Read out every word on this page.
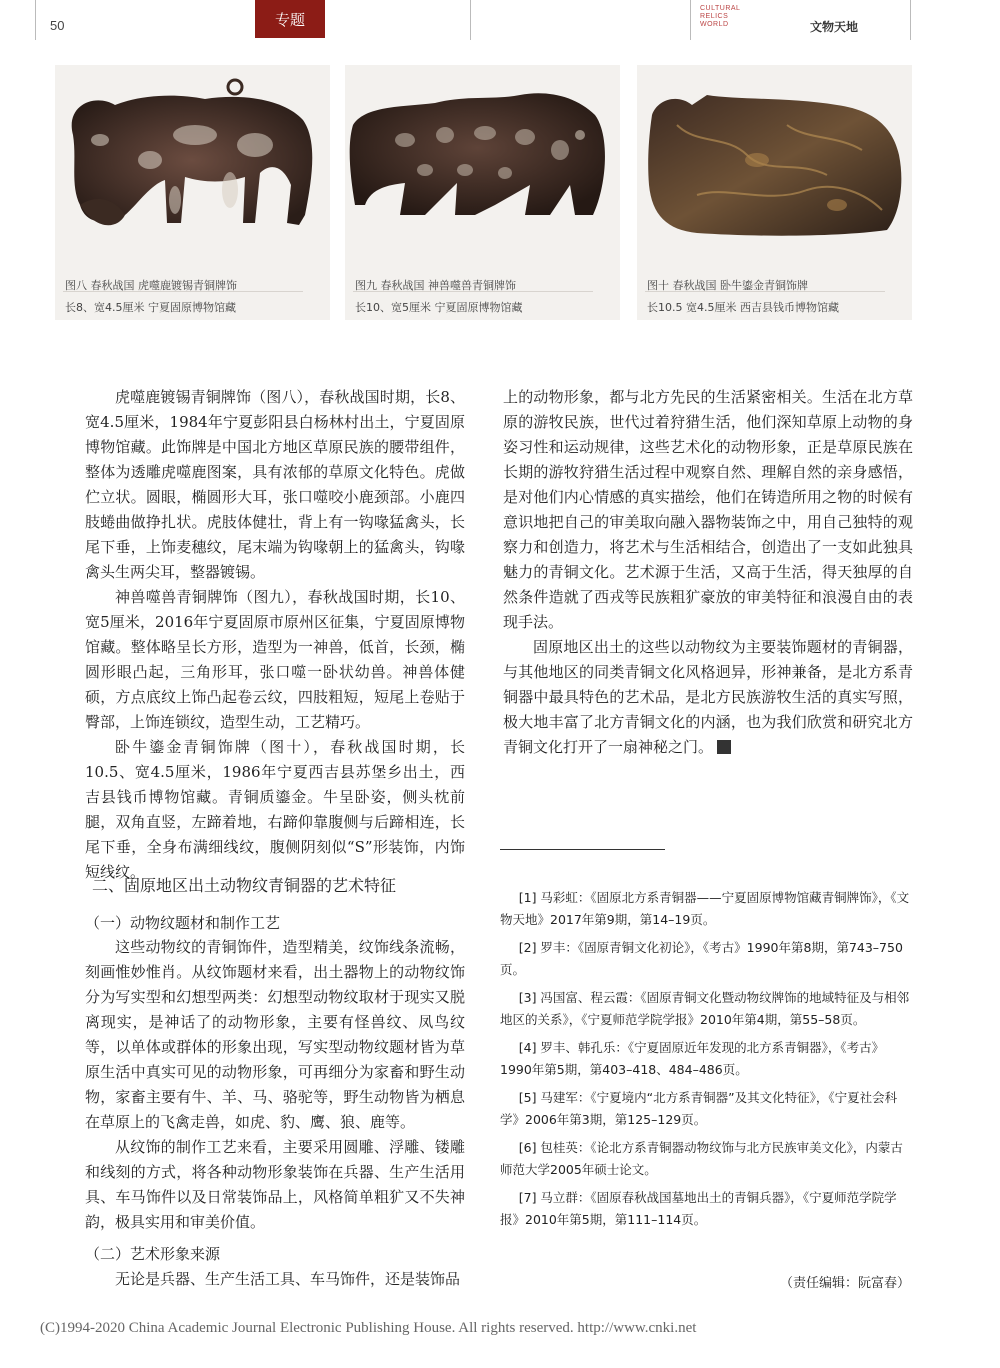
50	专题
CULTURAL
RELICS
WORLD	文物天地
图八 春秋战国 虎噬鹿镀锡青铜牌饰
长8、宽4.5厘米 宁夏固原博物馆藏
图九 春秋战国 神兽噬兽青铜牌饰
长10、宽5厘米 宁夏固原博物馆藏
图十 春秋战国 卧牛鎏金青铜饰牌
长10.5 宽4.5厘米 西吉县钱币博物馆藏

虎噬鹿镀锡青铜牌饰（图八），春秋战国时期，长8、宽4.5厘米，1984年宁夏彭阳县白杨林村出土，宁夏固原博物馆藏。此饰牌是中国北方地区草原民族的腰带组件，整体为透雕虎噬鹿图案，具有浓郁的草原文化特色。虎做伫立状。圆眼，椭圆形大耳，张口噬咬小鹿颈部。小鹿四肢蜷曲做挣扎状。虎肢体健壮，背上有一钩喙猛禽头，长尾下垂，上饰麦穗纹，尾末端为钩喙朝上的猛禽头，钩喙禽头生两尖耳，整器镀锡。

神兽噬兽青铜牌饰（图九），春秋战国时期，长10、宽5厘米，2016年宁夏固原市原州区征集，宁夏固原博物馆藏。整体略呈长方形，造型为一神兽，低首，长颈，椭圆形眼凸起，三角形耳，张口噬一卧状幼兽。神兽体健硕，方点底纹上饰凸起卷云纹，四肢粗短，短尾上卷贴于臀部，上饰连锁纹，造型生动，工艺精巧。

卧牛鎏金青铜饰牌（图十），春秋战国时期，长10.5、宽4.5厘米，1986年宁夏西吉县苏堡乡出土，西吉县钱币博物馆藏。青铜质鎏金。牛呈卧姿，侧头枕前腿，双角直竖，左蹄着地，右蹄仰靠腹侧与后蹄相连，长尾下垂，全身布满细线纹，腹侧阴刻似“S”形装饰，内饰短线纹。

上的动物形象，都与北方先民的生活紧密相关。生活在北方草原的游牧民族，世代过着狩猎生活，他们深知草原上动物的身姿习性和运动规律，这些艺术化的动物形象，正是草原民族在长期的游牧狩猎生活过程中观察自然、理解自然的亲身感悟，是对他们内心情感的真实描绘，他们在铸造所用之物的时候有意识地把自己的审美取向融入器物装饰之中，用自己独特的观察力和创造力，将艺术与生活相结合，创造出了一支如此独具魅力的青铜文化。艺术源于生活，又高于生活，得天独厚的自然条件造就了西戎等民族粗犷豪放的审美特征和浪漫自由的表现手法。

固原地区出土的这些以动物纹为主要装饰题材的青铜器，与其他地区的同类青铜文化风格迥异，形神兼备，是北方系青铜器中最具特色的艺术品，是北方民族游牧生活的真实写照，极大地丰富了北方青铜文化的内涵，也为我们欣赏和研究北方青铜文化打开了一扇神秘之门。

二、固原地区出土动物纹青铜器的艺术特征
（一）动物纹题材和制作工艺

这些动物纹的青铜饰件，造型精美，纹饰线条流畅，刻画惟妙惟肖。从纹饰题材来看，出土器物上的动物纹饰分为写实型和幻想型两类：幻想型动物纹取材于现实又脱离现实，是神话了的动物形象，主要有怪兽纹、凤鸟纹等，以单体或群体的形象出现，写实型动物纹题材皆为草原生活中真实可见的动物形象，可再细分为家畜和野生动物，家畜主要有牛、羊、马、骆驼等，野生动物皆为栖息在草原上的飞禽走兽，如虎、豹、鹰、狼、鹿等。

从纹饰的制作工艺来看，主要采用圆雕、浮雕、镂雕和线刻的方式，将各种动物形象装饰在兵器、生产生活用具、车马饰件以及日常装饰品上，风格简单粗犷又不失神韵，极具实用和审美价值。

（二）艺术形象来源
无论是兵器、生产生活工具、车马饰件，还是装饰品
[1] 马彩虹：《固原北方系青铜器——宁夏固原博物馆藏青铜牌饰》，《文物天地》2017年第9期，第14–19页。
[2] 罗丰：《固原青铜文化初论》，《考古》1990年第8期，第743–750页。
[3] 冯国富、程云霞：《固原青铜文化暨动物纹牌饰的地域特征及与相邻地区的关系》，《宁夏师范学院学报》2010年第4期，第55–58页。
[4] 罗丰、韩孔乐：《宁夏固原近年发现的北方系青铜器》，《考古》1990年第5期，第403–418、484–486页。
[5] 马建军：《宁夏境内“北方系青铜器”及其文化特征》，《宁夏社会科学》2006年第3期，第125–129页。
[6] 包桂英：《论北方系青铜器动物纹饰与北方民族审美文化》，内蒙古师范大学2005年硕士论文。
[7] 马立群：《固原春秋战国墓地出土的青铜兵器》，《宁夏师范学院学报》2010年第5期，第111–114页。
（责任编辑：阮富春）
(C)1994-2020 China Academic Journal Electronic Publishing House. All rights reserved. http://www.cnki.net
